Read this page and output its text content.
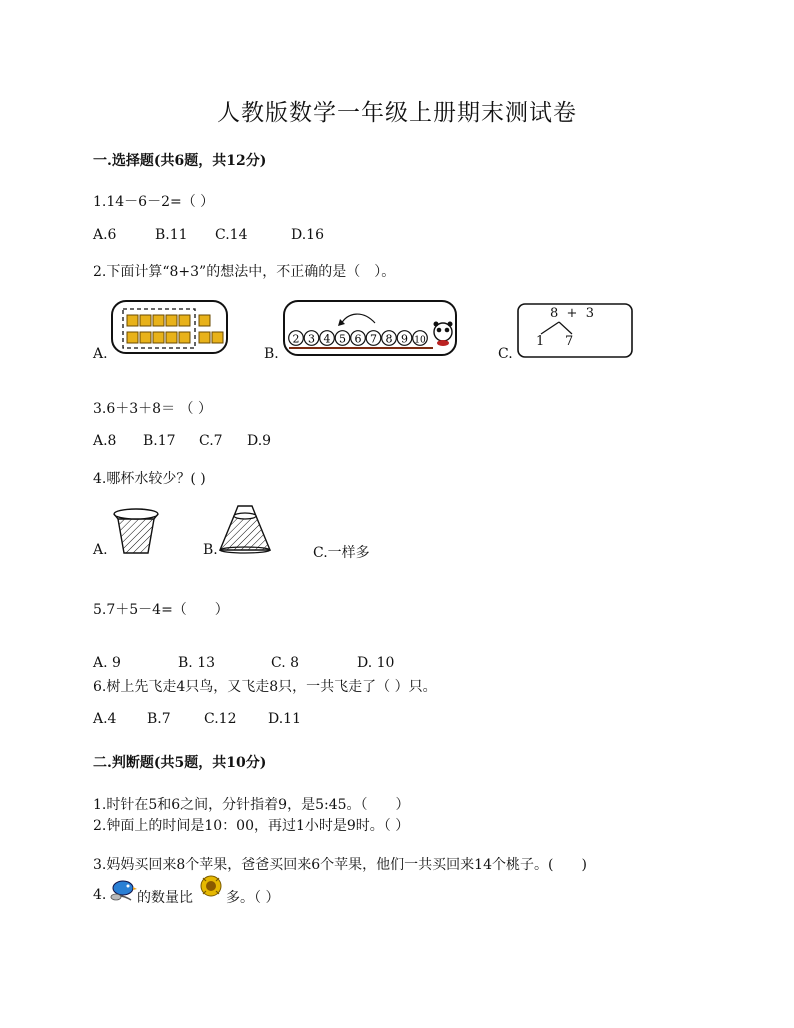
人教版数学一年级上册期末测试卷
一.选择题(共6题，共12分)
1.14－6－2=（ ）
A.6	B.11 C.14	D.16
2.下面计算“8+3”的想法中，不正确的是（　）。
A.	B.
2 3 4 5 6 7 8 9 10
C.
8  +  3
1 7
3.6＋3＋8＝ （ ）
A.8 B.17 C.7 D.9
4.哪杯水较少？( )
A.	B.	C.一样多
5.7＋5－4=（　　）
A. 9	B. 13	C. 8	D. 10
6.树上先飞走4只鸟，又飞走8只，一共飞走了（ ）只。
A.4 B.7 C.12 D.11
二.判断题(共5题，共10分)
1.时针在5和6之间，分针指着9，是5:45。（　　）
2.钟面上的时间是10：00，再过1小时是9时。（ ）
3.妈妈买回来8个苹果，爸爸买回来6个苹果，他们一共买回来14个桃子。(　　)
4. 的数量比 多。（ ）
